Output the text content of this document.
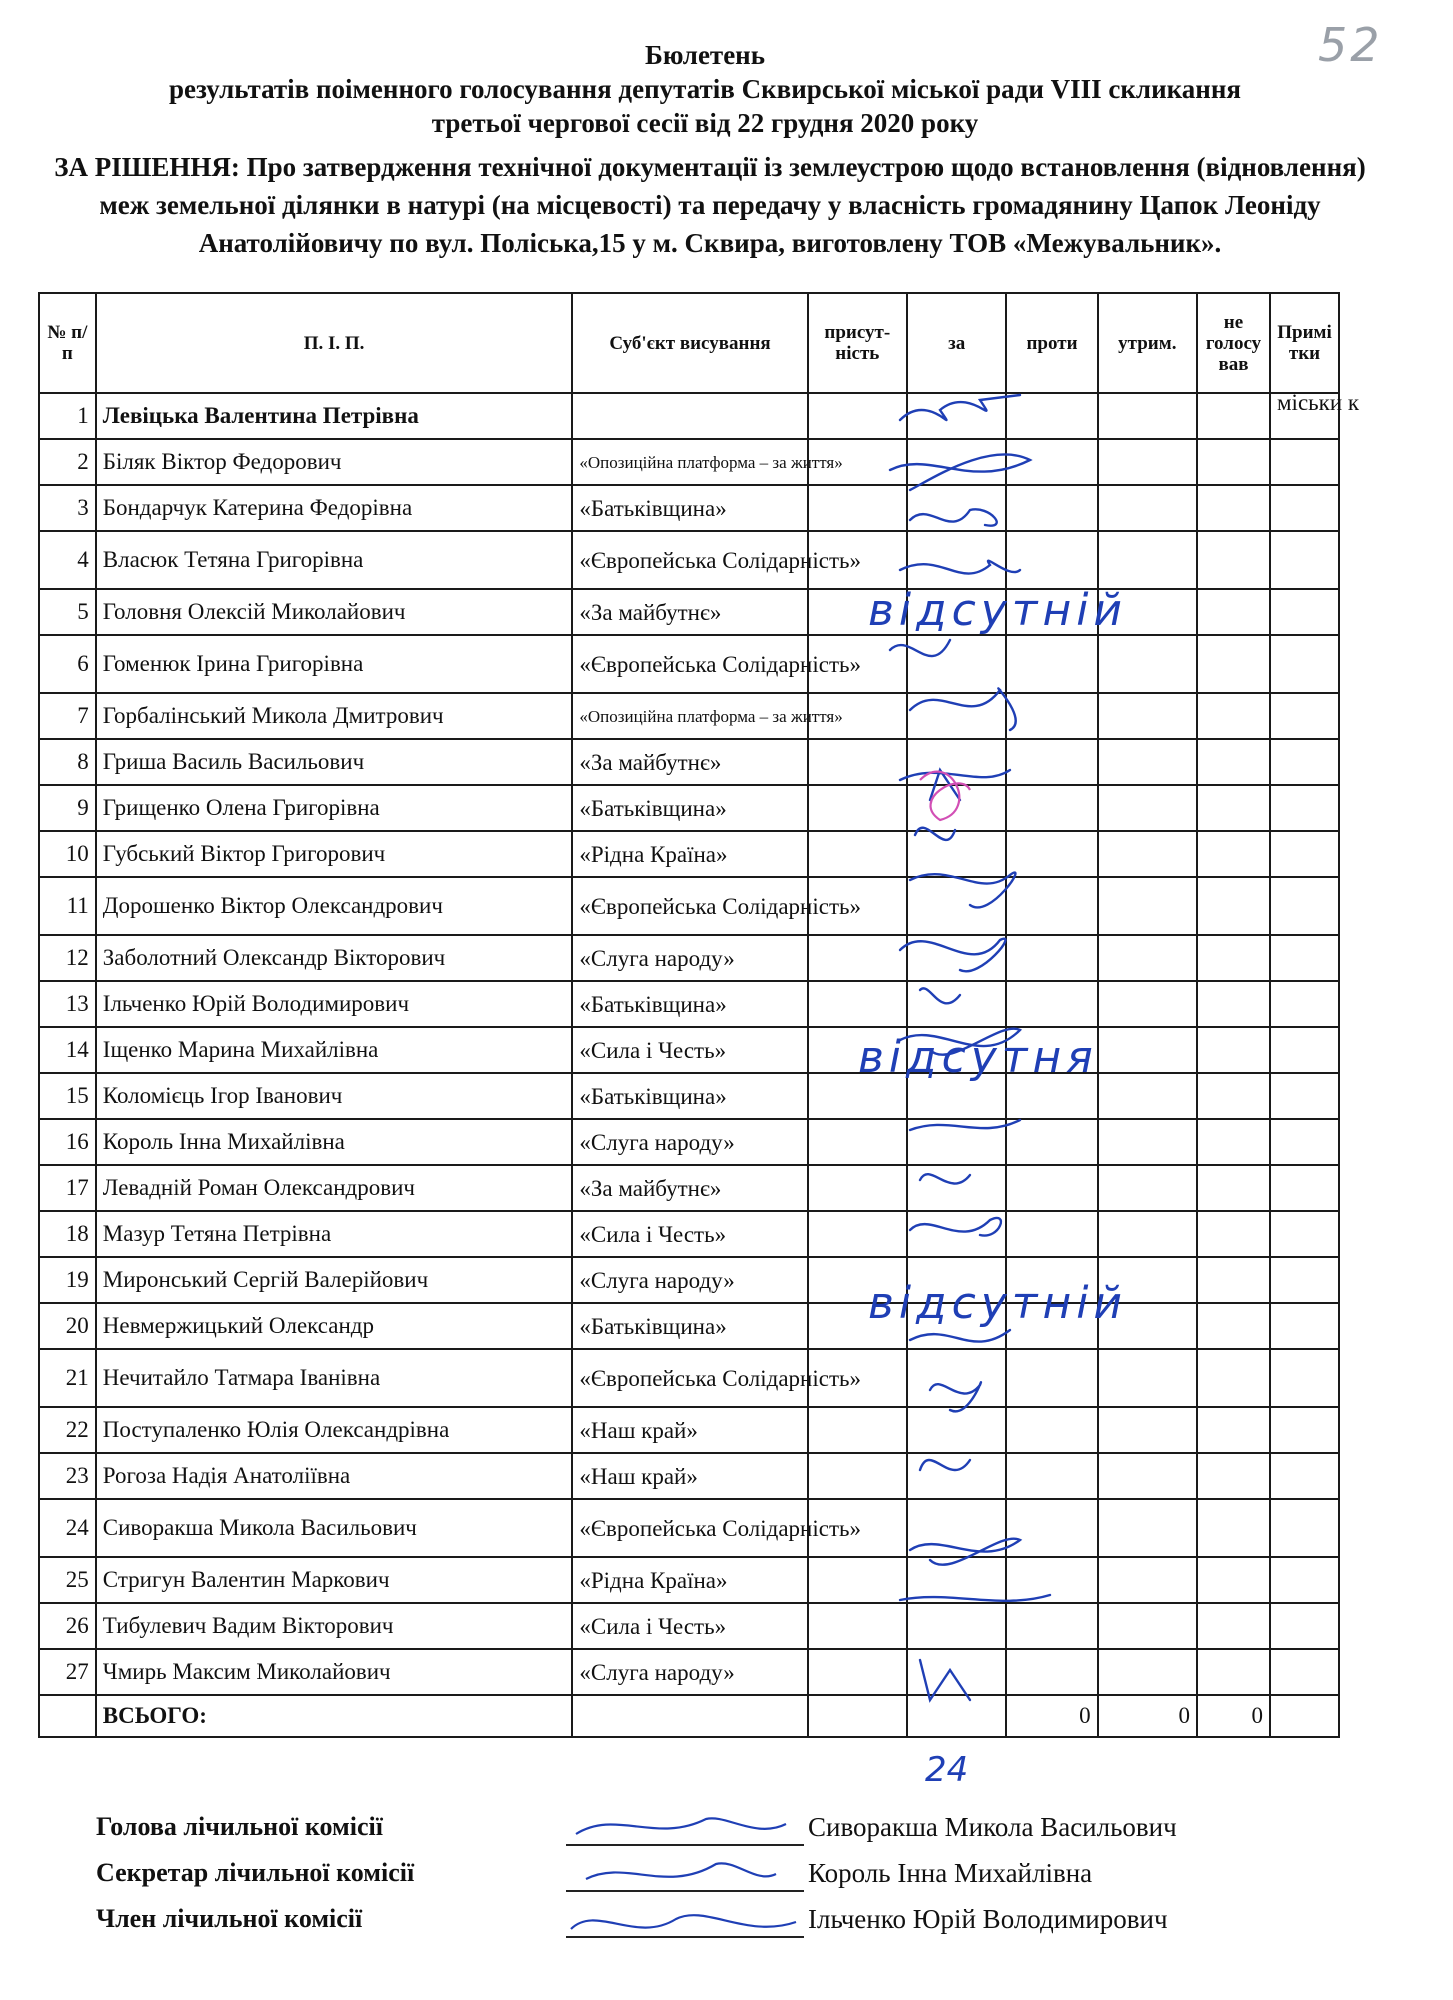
52
Бюлетень
результатів поіменного голосування депутатів Сквирської міської ради VIII скликання
третьої чергової сесії від 22 грудня 2020 року
ЗА РІШЕННЯ: Про затвердження технічної документації із землеустрою щодо встановлення (відновлення) меж земельної ділянки в натурі (на місцевості) та передачу у власність громадянину Цапок Леоніду Анатолійовичу по вул. Поліська,15 у м. Сквира, виготовлену ТОВ «Межувальник».
№ п/п	П. І. П.	Суб'єкт висування	присут-ність	за	проти	утрим.	не голосу вав	Примі тки
1	Левіцька Валентина Петрівна							міськи к
2	Біляк Віктор Федорович	«Опозиційна платформа – за життя»						
3	Бондарчук Катерина Федорівна	«Батьківщина»						
4	Власюк Тетяна Григорівна	«Європейська Солідарність»						
5	Головня Олексій Миколайович	«За майбутнє»						
6	Гоменюк Ірина Григорівна	«Європейська Солідарність»						
7	Горбалінський Микола Дмитрович	«Опозиційна платформа – за життя»						
8	Гриша Василь Васильович	«За майбутнє»						
9	Грищенко Олена Григорівна	«Батьківщина»						
10	Губський Віктор Григорович	«Рідна Країна»						
11	Дорошенко Віктор Олександрович	«Європейська Солідарність»						
12	Заболотний Олександр Вікторович	«Слуга народу»						
13	Ільченко Юрій Володимирович	«Батьківщина»						
14	Іщенко Марина Михайлівна	«Сила і Честь»						
15	Коломієць Ігор Іванович	«Батьківщина»						
16	Король Інна Михайлівна	«Слуга народу»						
17	Левадній Роман Олександрович	«За майбутнє»						
18	Мазур Тетяна Петрівна	«Сила і Честь»						
19	Миронський Сергій Валерійович	«Слуга народу»						
20	Невмержицький Олександр	«Батьківщина»						
21	Нечитайло Татмара Іванівна	«Європейська Солідарність»						
22	Поступаленко Юлія Олександрівна	«Наш край»						
23	Рогоза Надія Анатоліївна	«Наш край»						
24	Сиворакша Микола Васильович	«Європейська Солідарність»						
25	Стригун Валентин Маркович	«Рідна Країна»						
26	Тибулевич Вадим Вікторович	«Сила і Честь»						
27	Чмирь Максим Миколайович	«Слуга народу»						
	ВСЬОГО:				0	0	0	
відсутній
відсутня
відсутній
24
Голова лічильної комісії	Сиворакша Микола Васильович
Секретар лічильної комісії	Король Інна Михайлівна
Член лічильної комісії	Ільченко Юрій Володимирович
